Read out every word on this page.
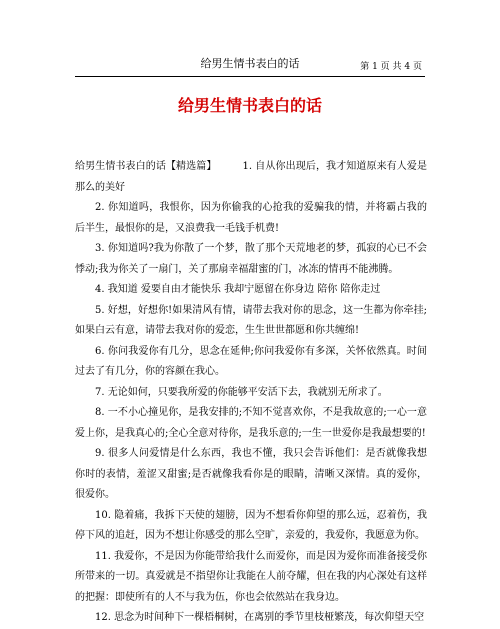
给男生情书表白的话	第 1 页 共 4 页
给男生情书表白的话

给男生情书表白的话【精选篇】	1. 自从你出现后，我才知道原来有人爱是那么的美好

2. 你知道吗，我恨你，因为你偷我的心抢我的爱骗我的情，并将霸占我的后半生，最恨你的是，又浪费我一毛钱手机费!

3. 你知道吗?我为你散了一个梦，散了那个天荒地老的梦，孤寂的心已不会悸动;我为你关了一扇门，关了那扇幸福甜蜜的门，冰冻的情再不能沸腾。

4. 我知道 爱要自由才能快乐 我却宁愿留在你身边 陪你 陪你走过

5. 好想，好想你!如果清风有情，请带去我对你的思念，这一生都为你牵挂;如果白云有意，请带去我对你的爱恋，生生世世都愿和你共缠绵!

6. 你问我爱你有几分，思念在延伸;你问我爱你有多深，关怀依然真。时间过去了有几分，你的容颜在我心。

7. 无论如何，只要我所爱的你能够平安活下去，我就别无所求了。

8. 一不小心撞见你，是我安排的;不知不觉喜欢你，不是我故意的;一心一意爱上你，是我真心的;全心全意对待你，是我乐意的;一生一世爱你是我最想要的!

9. 很多人问爱情是什么东西，我也不懂，我只会告诉他们：是否就像我想你时的表情，羞涩又甜蜜;是否就像我看你是的眼睛，清晰又深情。真的爱你，很爱你。

10. 隐着痛，我拆下天使的翅膀，因为不想看你仰望的那么远，忍着伤，我停下风的追赶，因为不想让你感受的那么空旷，亲爱的，我爱你，我愿意为你。

11. 我爱你，不是因为你能带给我什么而爱你，而是因为爱你而准备接受你所带来的一切。真爱就是不指望你让我能在人前夺耀，但在我的内心深处有这样的把握：即使所有的人不与我为伍，你也会依然站在我身边。

12. 思念为时间种下一棵梧桐树，在离别的季节里枝桠繁茂，每次仰望天空
